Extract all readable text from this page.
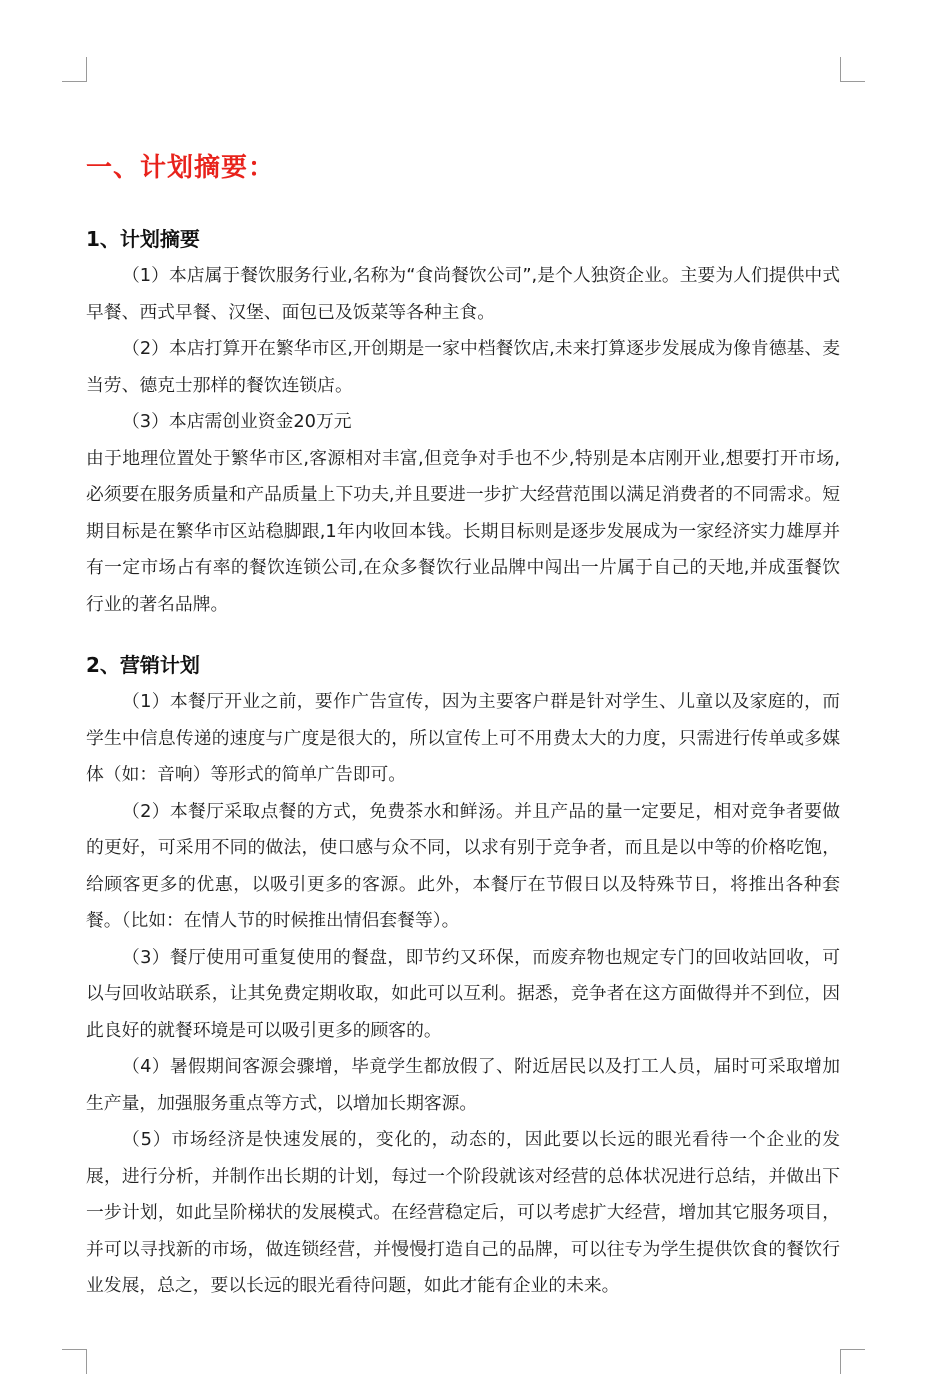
一、计划摘要：
1、计划摘要

（1）本店属于餐饮服务行业,名称为“食尚餐饮公司”,是个人独资企业。主要为人们提供中式早餐、西式早餐、汉堡、面包已及饭菜等各种主食。

（2）本店打算开在繁华市区,开创期是一家中档餐饮店,未来打算逐步发展成为像肯德基、麦当劳、德克士那样的餐饮连锁店。

（3）本店需创业资金20万元

由于地理位置处于繁华市区,客源相对丰富,但竞争对手也不少,特别是本店刚开业,想要打开市场,必须要在服务质量和产品质量上下功夫,并且要进一步扩大经营范围以满足消费者的不同需求。短期目标是在繁华市区站稳脚跟,1年内收回本钱。长期目标则是逐步发展成为一家经济实力雄厚并有一定市场占有率的餐饮连锁公司,在众多餐饮行业品牌中闯出一片属于自己的天地,并成蛋餐饮行业的著名品牌。

2、营销计划

（1）本餐厅开业之前，要作广告宣传，因为主要客户群是针对学生、儿童以及家庭的，而学生中信息传递的速度与广度是很大的，所以宣传上可不用费太大的力度，只需进行传单或多媒体（如：音响）等形式的简单广告即可。

（2）本餐厅采取点餐的方式，免费茶水和鲜汤。并且产品的量一定要足，相对竞争者要做的更好，可采用不同的做法，使口感与众不同，以求有别于竞争者，而且是以中等的价格吃饱，给顾客更多的优惠，以吸引更多的客源。此外，本餐厅在节假日以及特殊节日，将推出各种套餐。（比如：在情人节的时候推出情侣套餐等）。

（3）餐厅使用可重复使用的餐盘，即节约又环保，而废弃物也规定专门的回收站回收，可以与回收站联系，让其免费定期收取，如此可以互利。据悉，竞争者在这方面做得并不到位，因此良好的就餐环境是可以吸引更多的顾客的。

（4）暑假期间客源会骤增，毕竟学生都放假了、附近居民以及打工人员，届时可采取增加生产量，加强服务重点等方式，以增加长期客源。

（5）市场经济是快速发展的，变化的，动态的，因此要以长远的眼光看待一个企业的发展，进行分析，并制作出长期的计划，每过一个阶段就该对经营的总体状况进行总结，并做出下一步计划，如此呈阶梯状的发展模式。在经营稳定后，可以考虑扩大经营，增加其它服务项目，并可以寻找新的市场，做连锁经营，并慢慢打造自己的品牌，可以往专为学生提供饮食的餐饮行业发展，总之，要以长远的眼光看待问题，如此才能有企业的未来。
